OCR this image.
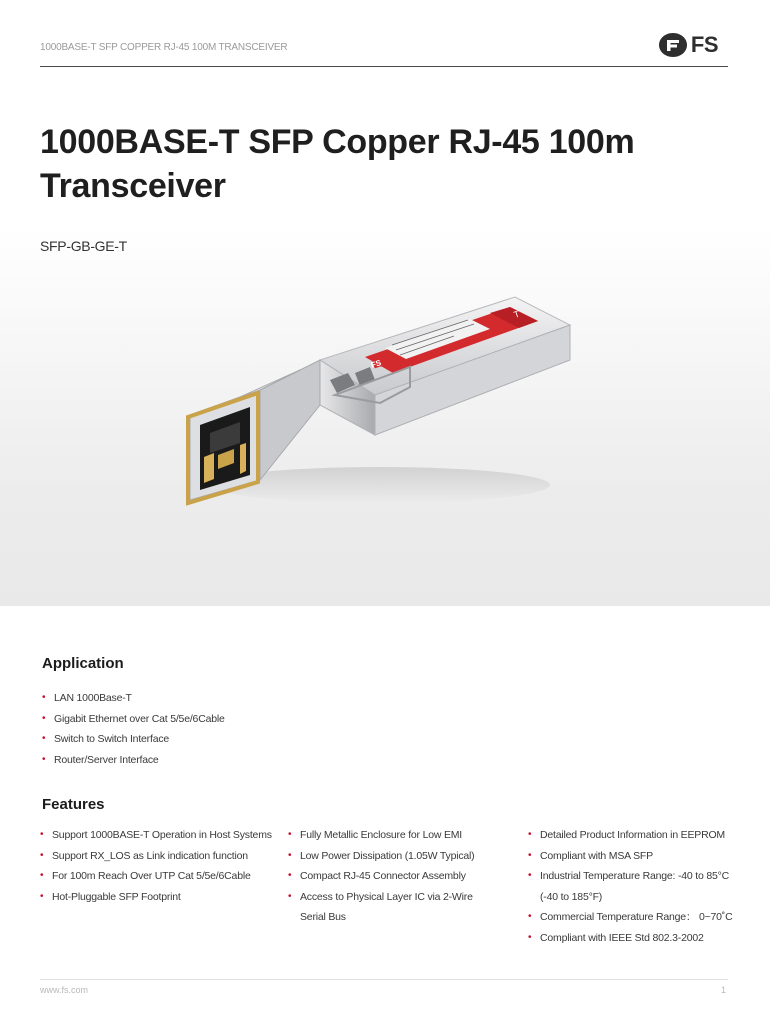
1000BASE-T SFP COPPER RJ-45 100M TRANSCEIVER	FS
1000BASE-T SFP Copper RJ-45 100m Transceiver
SFP-GB-GE-T
T
FS
Application
• LAN 1000Base-T
• Gigabit Ethernet over Cat 5/5e/6Cable
• Switch to Switch Interface
• Router/Server Interface
Features
• Support 1000BASE-T Operation in Host Systems
• Support RX_LOS as Link indication function
• For 100m Reach Over UTP Cat 5/5e/6Cable
• Hot-Pluggable SFP Footprint
• Fully Metallic Enclosure for Low EMI
• Low Power Dissipation (1.05W Typical)
• Compact RJ-45 Connector Assembly
• Access to Physical Layer IC via 2-Wire Serial Bus
• Detailed Product Information in EEPROM
• Compliant with MSA SFP
• Industrial Temperature Range: -40 to 85°C (-40 to 185°F)
• Commercial Temperature Range： 0~70˚C
• Compliant with IEEE Std 802.3-2002
www.fs.com	1
